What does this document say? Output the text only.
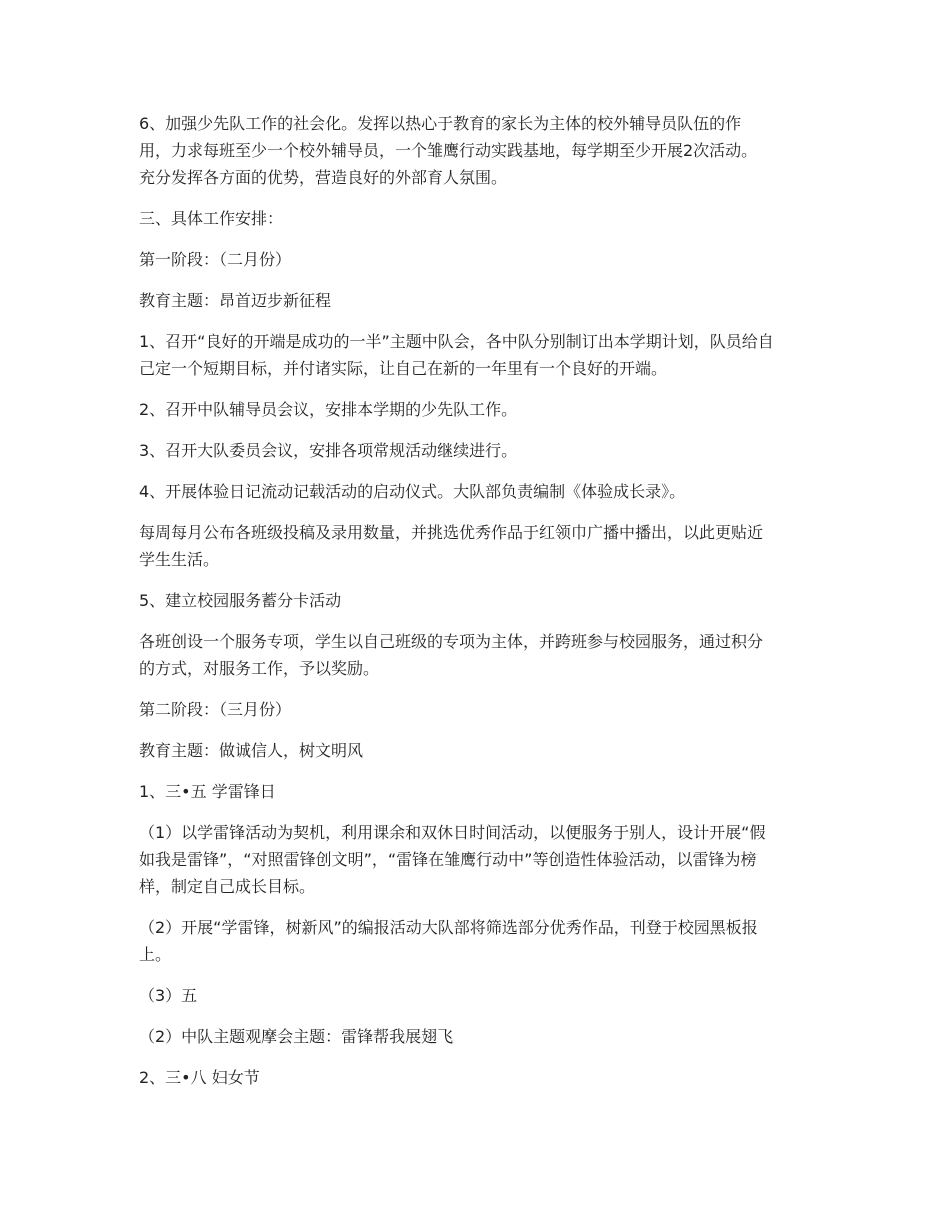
6、加强少先队工作的社会化。发挥以热心于教育的家长为主体的校外辅导员队伍的作
用，力求每班至少一个校外辅导员，一个雏鹰行动实践基地，每学期至少开展2次活动。
充分发挥各方面的优势，营造良好的外部育人氛围。
三、具体工作安排：
第一阶段：（二月份）
教育主题：昂首迈步新征程
1、召开“良好的开端是成功的一半”主题中队会，各中队分别制订出本学期计划，队员给自
己定一个短期目标，并付诸实际，让自己在新的一年里有一个良好的开端。
2、召开中队辅导员会议，安排本学期的少先队工作。
3、召开大队委员会议，安排各项常规活动继续进行。
4、开展体验日记流动记载活动的启动仪式。大队部负责编制《体验成长录》。
每周每月公布各班级投稿及录用数量，并挑选优秀作品于红领巾广播中播出，以此更贴近
学生生活。
5、建立校园服务蓄分卡活动
各班创设一个服务专项，学生以自己班级的专项为主体，并跨班参与校园服务，通过积分
的方式，对服务工作，予以奖励。
第二阶段：（三月份）
教育主题：做诚信人，树文明风
1、三•五 学雷锋日
（1）以学雷锋活动为契机，利用课余和双休日时间活动，以便服务于别人，设计开展“假
如我是雷锋”，“对照雷锋创文明”，“雷锋在雏鹰行动中”等创造性体验活动，以雷锋为榜
样，制定自己成长目标。
（2）开展“学雷锋，树新风”的编报活动大队部将筛选部分优秀作品，刊登于校园黑板报
上。
（3）五
（2）中队主题观摩会主题：雷锋帮我展翅飞
2、三•八 妇女节
